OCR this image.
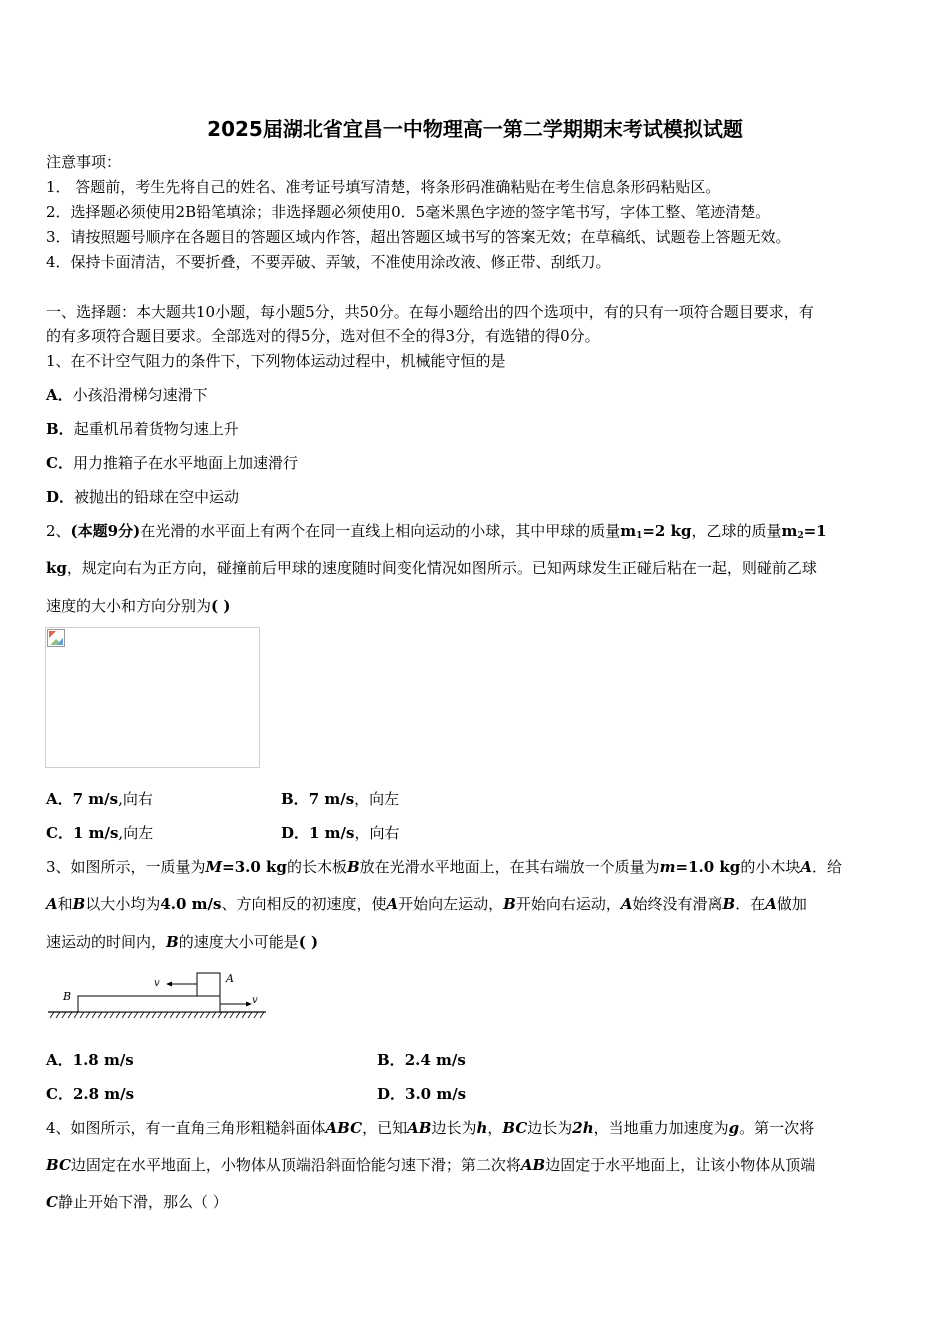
2025届湖北省宜昌一中物理高一第二学期期末考试模拟试题
注意事项：
1． 答题前，考生先将自己的姓名、准考证号填写清楚，将条形码准确粘贴在考生信息条形码粘贴区。
2．选择题必须使用2B铅笔填涂；非选择题必须使用0．5毫米黑色字迹的签字笔书写，字体工整、笔迹清楚。
3．请按照题号顺序在各题目的答题区域内作答，超出答题区域书写的答案无效；在草稿纸、试题卷上答题无效。
4．保持卡面清洁，不要折叠，不要弄破、弄皱，不准使用涂改液、修正带、刮纸刀。
一、选择题：本大题共10小题，每小题5分，共50分。在每小题给出的四个选项中，有的只有一项符合题目要求，有
的有多项符合题目要求。全部选对的得5分，选对但不全的得3分，有选错的得0分。
1、在不计空气阻力的条件下，下列物体运动过程中，机械能守恒的是
A．小孩沿滑梯匀速滑下
B．起重机吊着货物匀速上升
C．用力推箱子在水平地面上加速滑行
D．被抛出的铅球在空中运动
2、(本题9分)在光滑的水平面上有两个在同一直线上相向运动的小球，其中甲球的质量$m_1=2$ kg，乙球的质量$m_2=1$
kg，规定向右为正方向，碰撞前后甲球的速度随时间变化情况如图所示。已知两球发生正碰后粘在一起，则碰前乙球
速度的大小和方向分别为( )
A．7 m/s,向右	B．7 m/s，向左
C．1 m/s,向左	D．1 m/s，向右
3、如图所示，一质量为M=3.0 kg的长木板B放在光滑水平地面上，在其右端放一个质量为m=1.0 kg的小木块A．给
A和B以大小均为4.0 m/s、方向相反的初速度，使A开始向左运动，B开始向右运动，A始终没有滑离B．在A做加
速运动的时间内，B的速度大小可能是( )
v	A
B	v
A．1.8 m/s	B．2.4 m/s
C．2.8 m/s	D．3.0 m/s
4、如图所示，有一直角三角形粗糙斜面体ABC，已知AB边长为h，BC边长为2h，当地重力加速度为g。第一次将
BC边固定在水平地面上，小物体从顶端沿斜面恰能匀速下滑；第二次将AB边固定于水平地面上，让该小物体从顶端
C静止开始下滑，那么（ ）
